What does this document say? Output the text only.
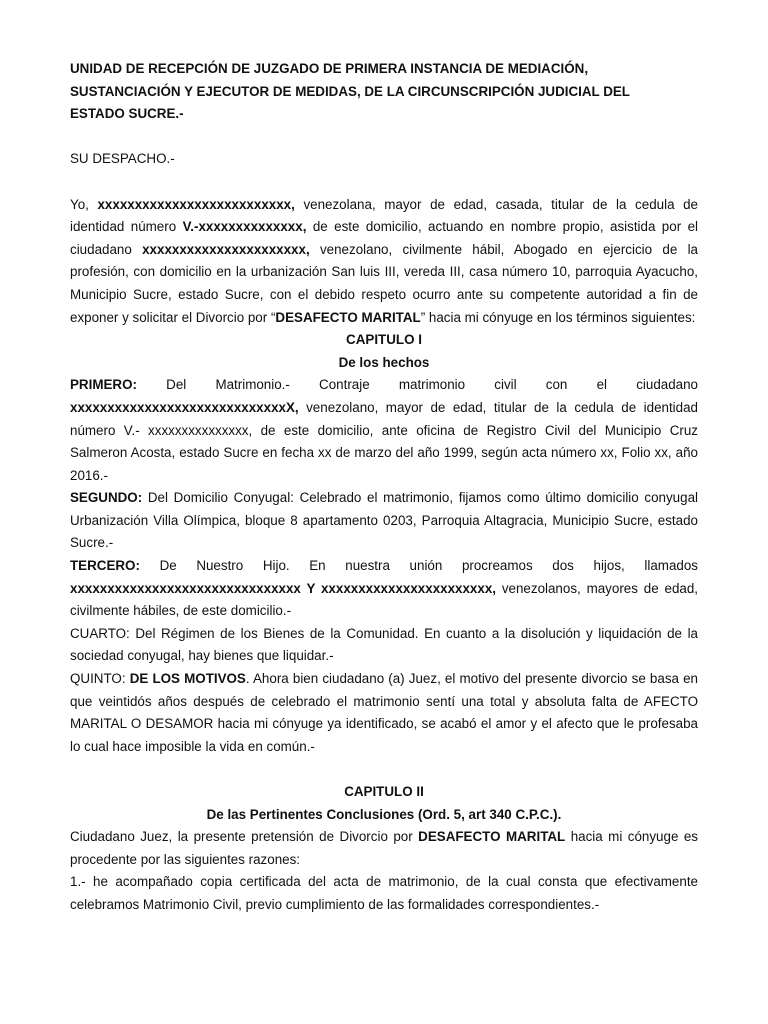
UNIDAD DE RECEPCIÓN DE JUZGADO DE PRIMERA INSTANCIA DE MEDIACIÓN,
SUSTANCIACIÓN Y EJECUTOR DE MEDIDAS, DE LA CIRCUNSCRIPCIÓN JUDICIAL DEL
ESTADO SUCRE.-

SU DESPACHO.-

Yo, xxxxxxxxxxxxxxxxxxxxxxxxxx, venezolana, mayor de edad, casada, titular de la cedula de identidad número V.-xxxxxxxxxxxxxx, de este domicilio, actuando en nombre propio, asistida por el ciudadano xxxxxxxxxxxxxxxxxxxxxx, venezolano, civilmente hábil, Abogado en ejercicio de la profesión, con domicilio en la urbanización San luis III, vereda III, casa número 10, parroquia Ayacucho, Municipio Sucre, estado Sucre, con el debido respeto ocurro ante su competente autoridad a fin de exponer y solicitar el Divorcio por “DESAFECTO MARITAL” hacia mi cónyuge en los términos siguientes:

CAPITULO I

De los hechos

PRIMERO: Del Matrimonio.- Contraje matrimonio civil con el ciudadano xxxxxxxxxxxxxxxxxxxxxxxxxxxxxX, venezolano, mayor de edad, titular de la cedula de identidad número V.- xxxxxxxxxxxxxxx, de este domicilio, ante oficina de Registro Civil del Municipio Cruz Salmeron Acosta, estado Sucre en fecha xx de marzo del año 1999, según acta número xx, Folio xx, año 2016.-

SEGUNDO: Del Domicilio Conyugal: Celebrado el matrimonio, fijamos como último domicilio conyugal Urbanización Villa Olímpica, bloque 8 apartamento 0203, Parroquia Altagracia, Municipio Sucre, estado Sucre.-

TERCERO: De Nuestro Hijo. En nuestra unión procreamos dos hijos, llamados xxxxxxxxxxxxxxxxxxxxxxxxxxxxxxx Y xxxxxxxxxxxxxxxxxxxxxxx, venezolanos, mayores de edad, civilmente hábiles, de este domicilio.-

CUARTO: Del Régimen de los Bienes de la Comunidad. En cuanto a la disolución y liquidación de la sociedad conyugal, hay bienes que liquidar.-

QUINTO: DE LOS MOTIVOS. Ahora bien ciudadano (a) Juez, el motivo del presente divorcio se basa en que veintidós años después de celebrado el matrimonio sentí una total y absoluta falta de AFECTO MARITAL O DESAMOR hacia mi cónyuge ya identificado, se acabó el amor y el afecto que le profesaba lo cual hace imposible la vida en común.-

CAPITULO II

De las Pertinentes Conclusiones (Ord. 5, art 340 C.P.C.).

Ciudadano Juez, la presente pretensión de Divorcio por DESAFECTO MARITAL hacia mi cónyuge es procedente por las siguientes razones:

1.- he acompañado copia certificada del acta de matrimonio, de la cual consta que efectivamente celebramos Matrimonio Civil, previo cumplimiento de las formalidades correspondientes.-
